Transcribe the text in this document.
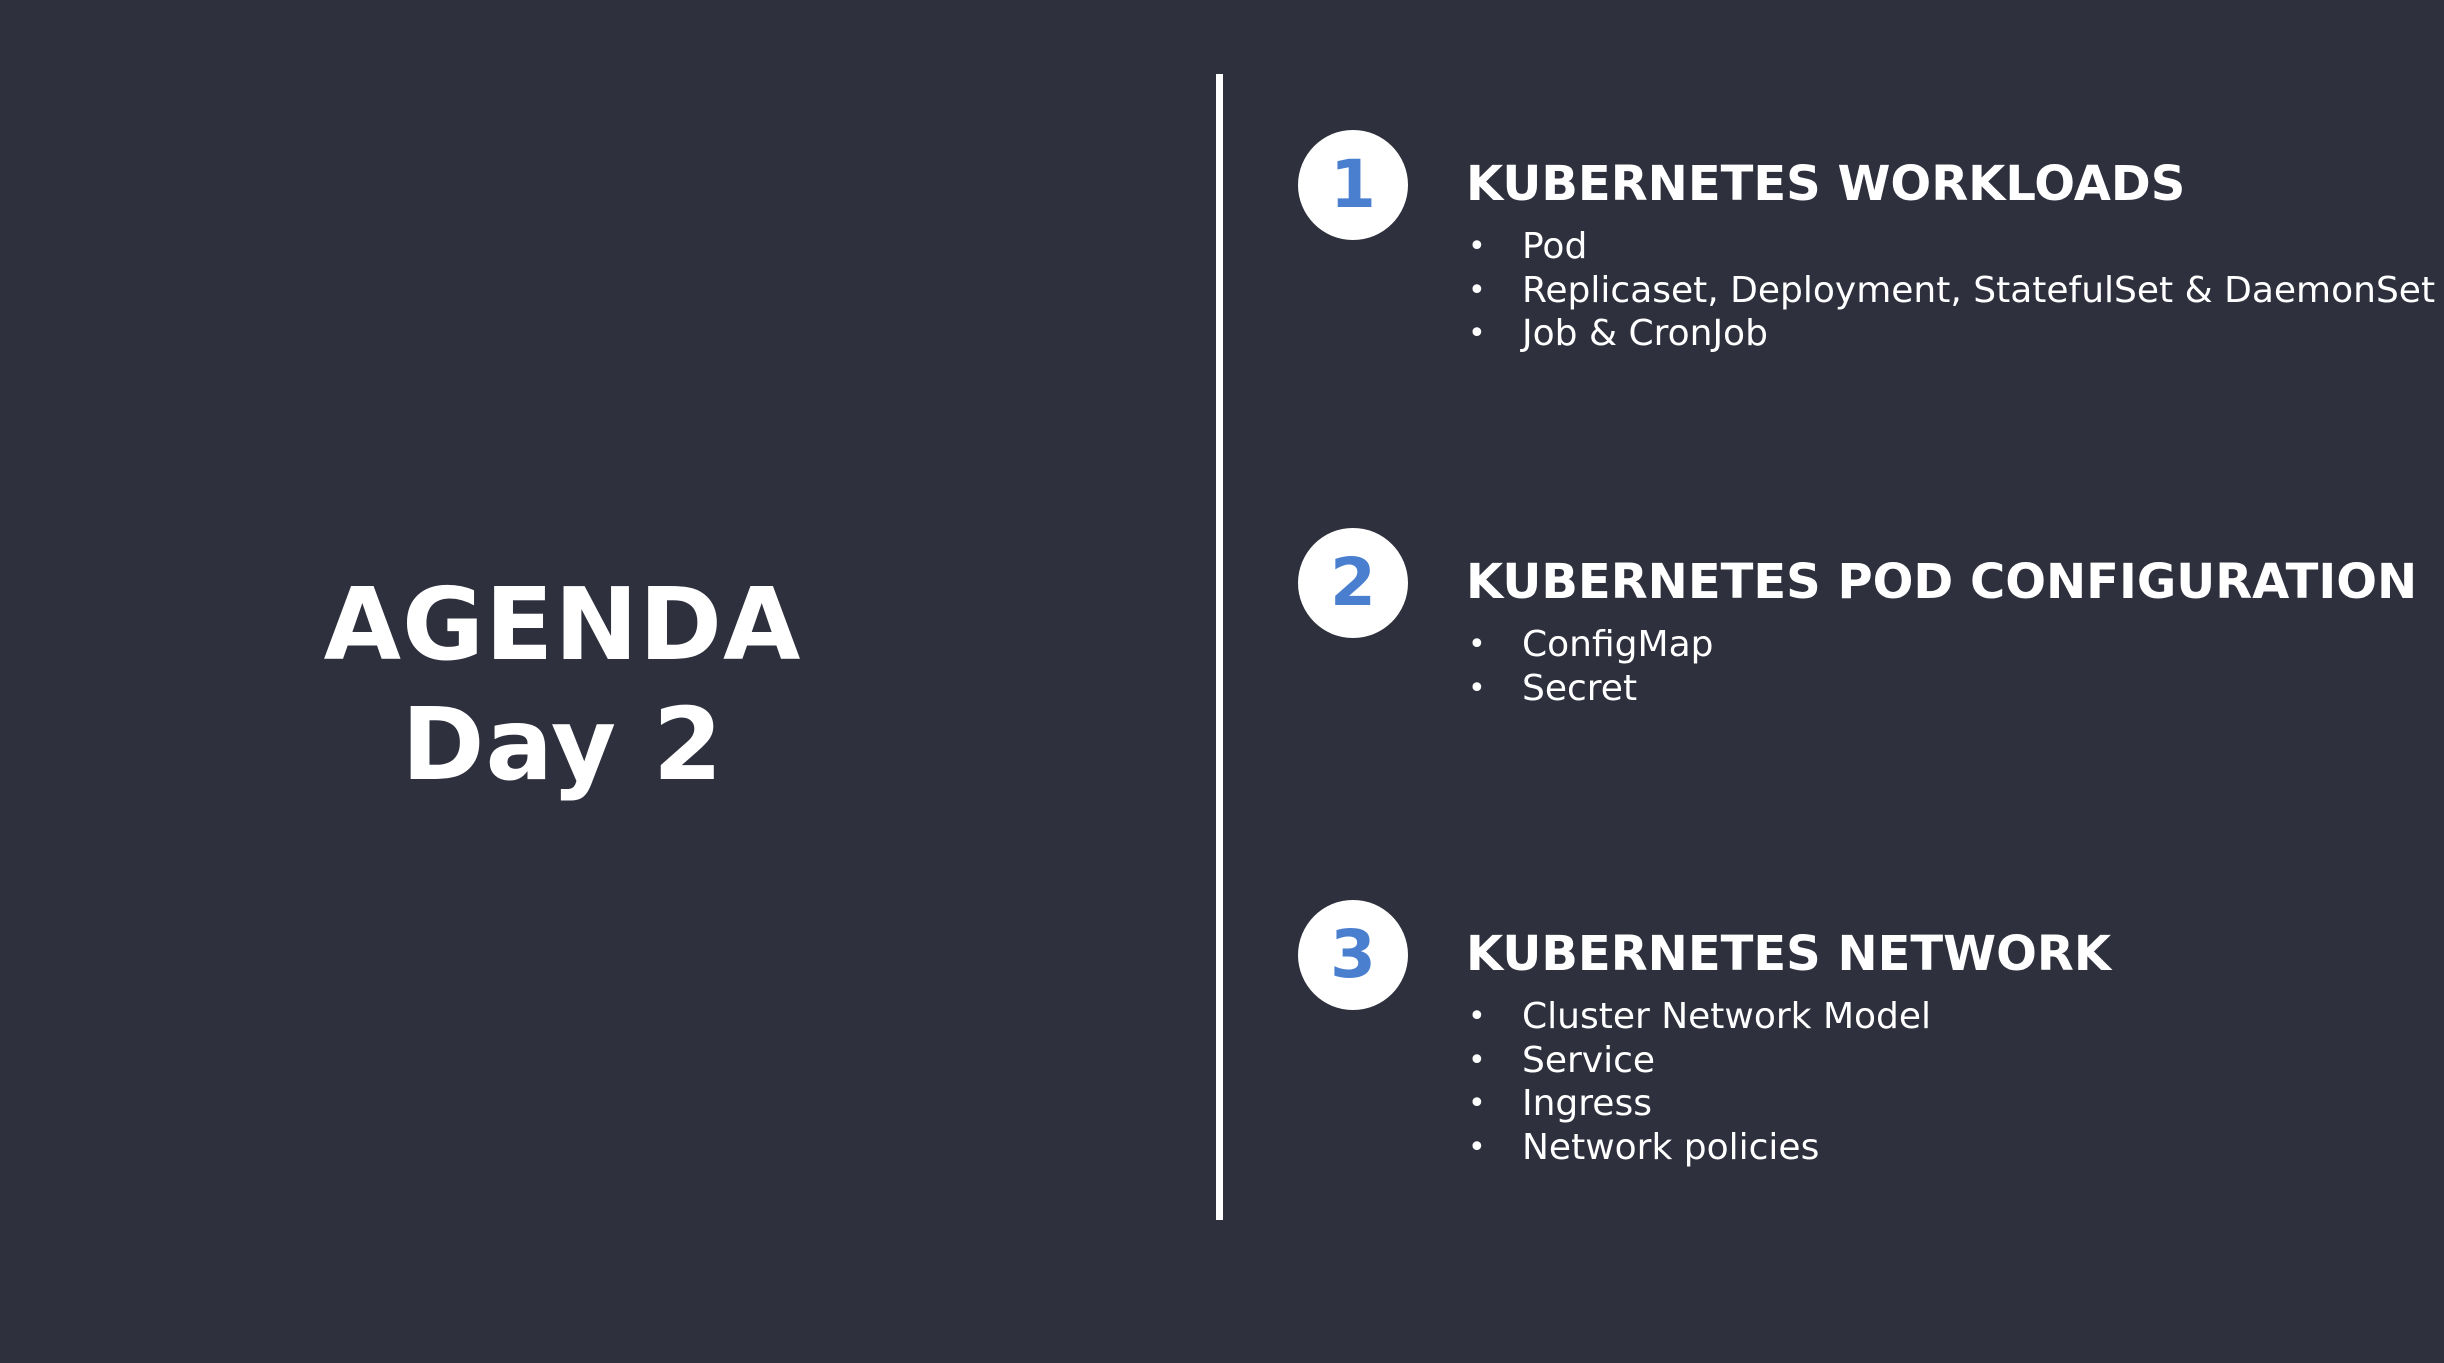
AGENDA
Day 2
1	KUBERNETES WORKLOADS
• Pod
• Replicaset, Deployment, StatefulSet & DaemonSet
• Job & CronJob
2	KUBERNETES POD CONFIGURATION
• ConfigMap
• Secret
3	KUBERNETES NETWORK
• Cluster Network Model
• Service
• Ingress
• Network policies
